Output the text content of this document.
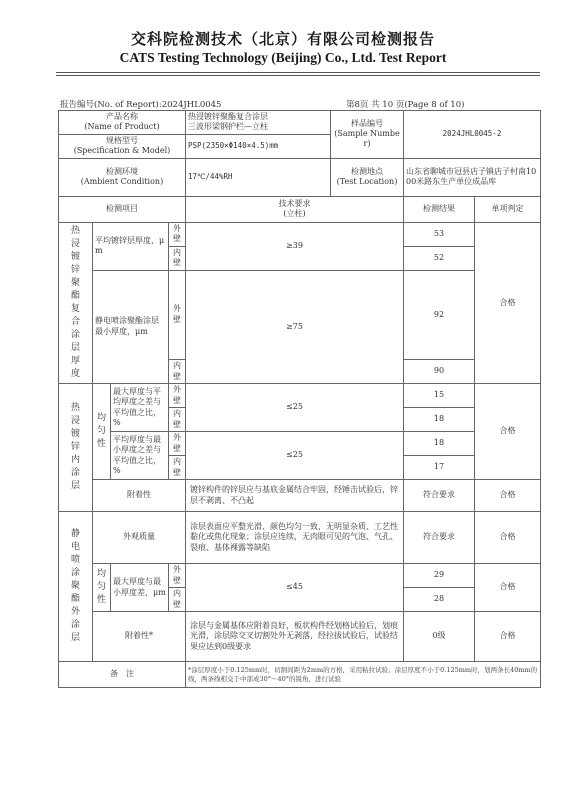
交科院检测技术（北京）有限公司检测报告
CATS Testing Technology (Beijing) Co., Ltd. Test Report
报告编号(No. of Report):2024JHL0045	第8页 共 10 页(Page 8 of 10)
产品名称
(Name of Product)				热浸镀锌聚酯复合涂层
三波形梁钢护栏—立柱	样品编号
(Sample Number)	2024JHL0045-2	
规格型号
(Specification & Model)				PSP(2350×Φ140×4.5)mm			
检测环境
(Ambient Condition)				17℃/44%RH	检测地点
(Test Location)	山东省聊城市冠县店子镇店子村南1000米路东生产单位成品库	
检测项目				技术要求
(立柱)		检测结果	单项判定
热浸镀锌聚酯复合涂层厚度	平均镀锌层厚度，μm		外壁	≥39		53	合格
			内壁			52	
	静电喷涂聚酯涂层最小厚度，μm		外壁	≥75		92	
			内壁			90	
热浸镀锌内涂层	均匀性	最大厚度与平均厚度之差与平均值之比，%	外壁	≤25		15	合格
			内壁			18	
		平均厚度与最小厚度之差与平均值之比，%	外壁	≤25		18	
			内壁			17	
	附着性			镀锌构件的锌层应与基底金属结合牢固，经锤击试验后，锌层不剥离、不凸起		符合要求	合格
静电喷涂聚酯外涂层	外观质量			涂层表面应平整光滑、颜色均匀一致，无明显杂质、工艺性黏化或焦化现象；涂层应连续，无肉眼可见的气泡、气孔、裂痕、基体裸露等缺陷		符合要求	合格
	均匀性	最大厚度与最小厚度差，μm	外壁	≤45		29	合格
			内壁			28	
	附着性*			涂层与金属基体应附着良好，板状构件经划格试验后，划痕光滑，涂层除交叉切割处外无剥落，经拉拔试验后，试验结果应达到0级要求		0级	合格
备　注				*涂层厚度小于0.125mm时，切割间距为2mm的方格，采用粘拉试验；涂层厚度不小于0.125mm时，划两条长40mm的线，两条线相交于中部成30°～40°的锐角，进行试验			
